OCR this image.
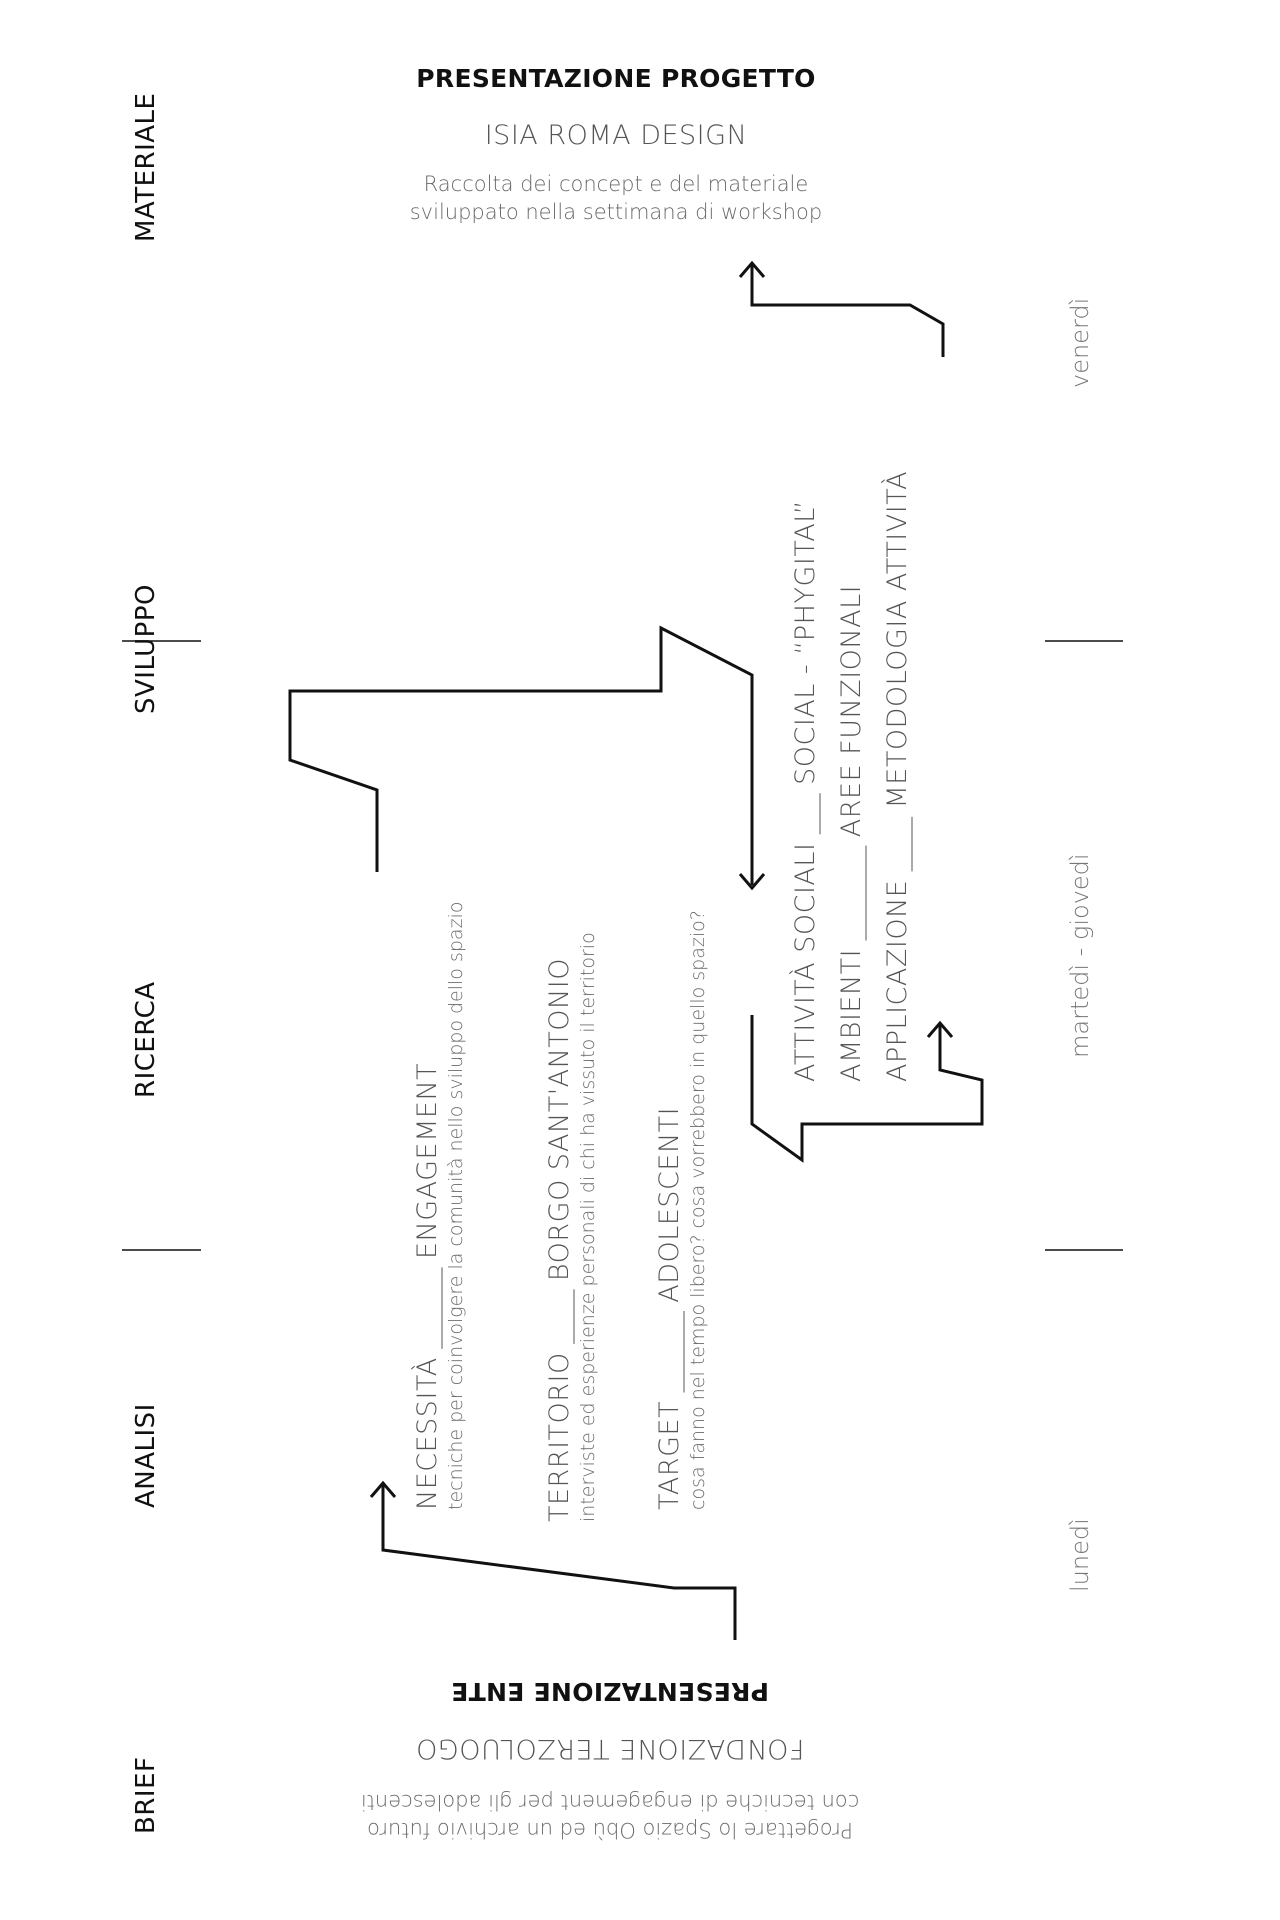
MATERIALE
SVILUPPO
RICERCA
ANALISI
BRIEF
venerdì
martedì - giovedì
lunedì
PRESENTAZIONE PROGETTO
ISIA ROMA DESIGN
Raccolta dei concept e del materiale
sviluppato nella settimana di workshop
Progettare lo Spazio Obù ed un archivio futuro
con tecniche di engagement per gli adolescenti
FONDAZIONE TERZOLUOGO
PRESENTAZIONE ENTE
NECESSITÀ ______ ENGAGEMENT tecniche per coinvolgere la comunità nello sviluppo dello spazio	TERRITORIO ____ BORGO SANT'ANTONIO interviste ed esperienze personali di chi ha vissuto il territorio TARGET ______ ADOLESCENTI cosa fanno nel tempo libero? cosa vorrebbero in quello spazio?	ATTIVITÀ SOCIALI ___ SOCIAL - “PHYGITAL”
AMBIENTI _______ AREE FUNZIONALI
APPLICAZIONE ____ METODOLOGIA ATTIVITÀ
